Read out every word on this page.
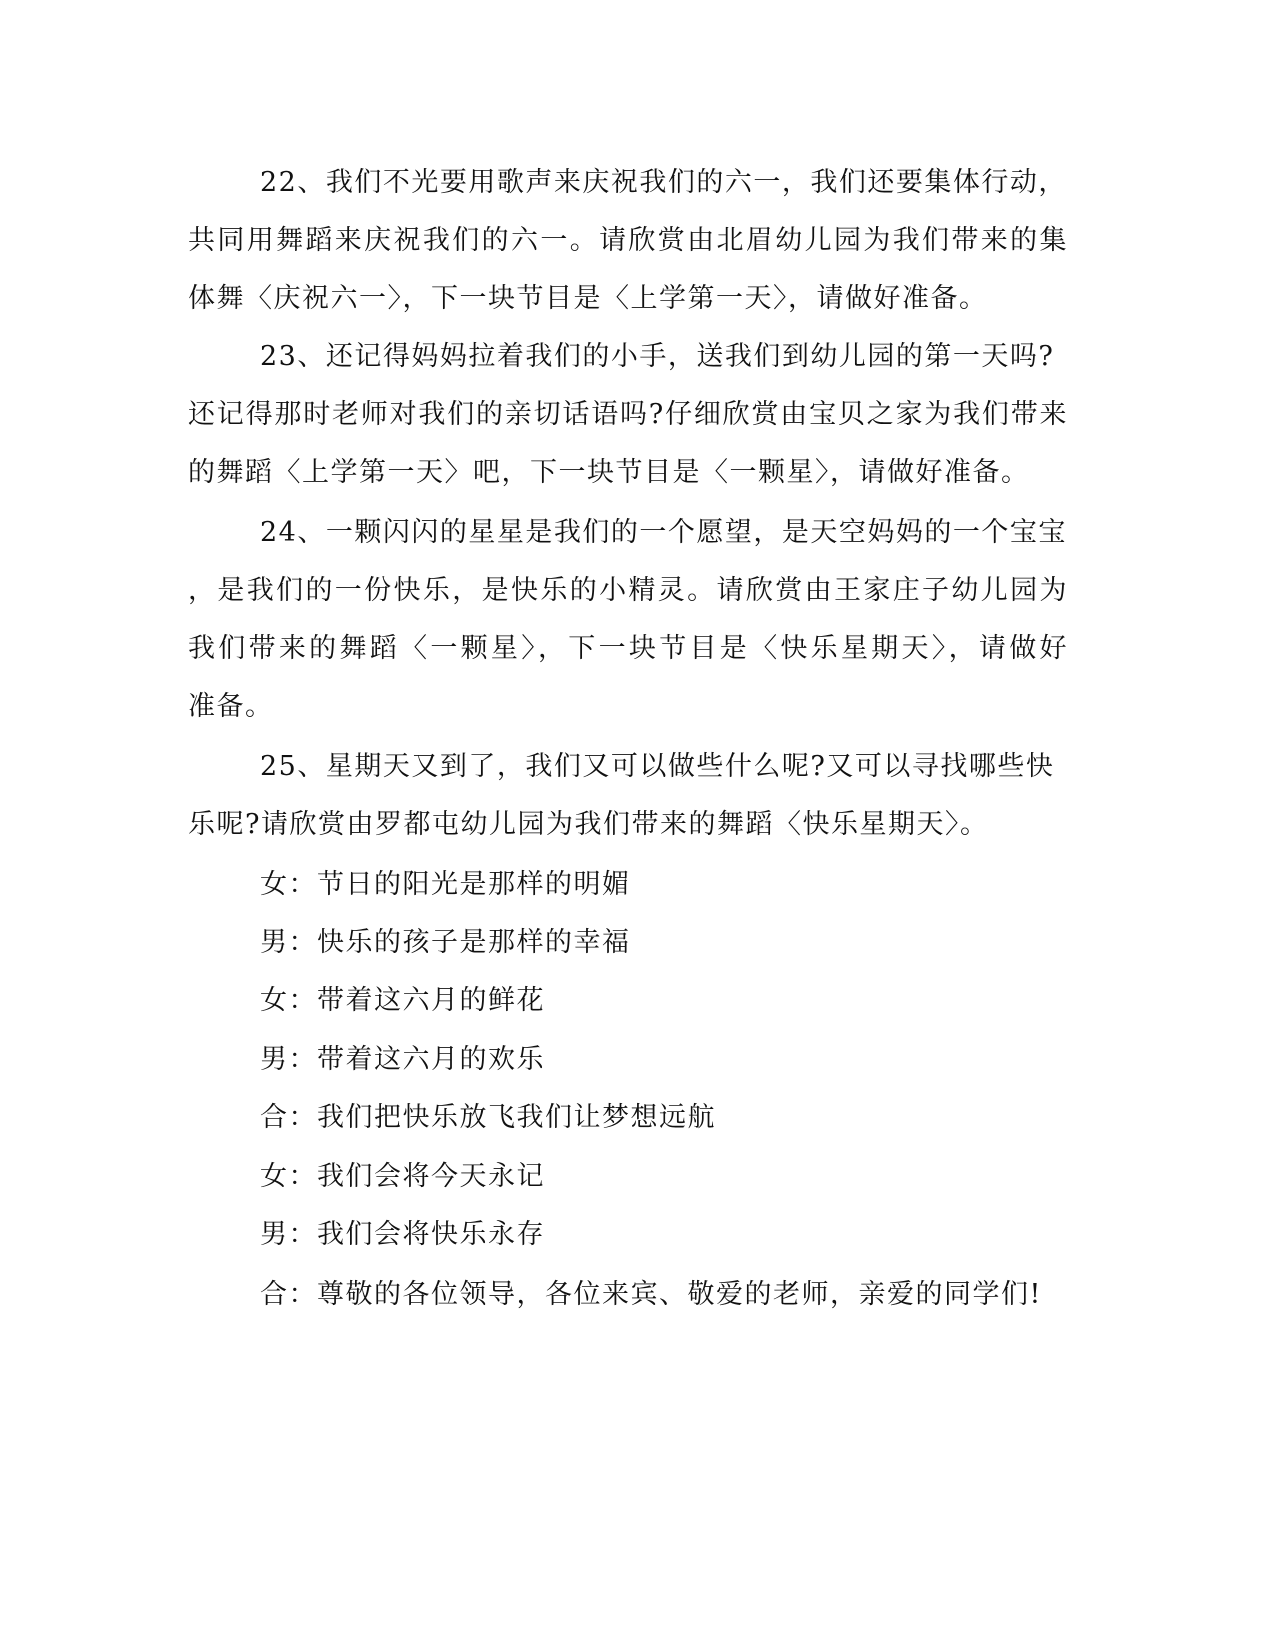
22、我们不光要用歌声来庆祝我们的六一，我们还要集体行动，
共同用舞蹈来庆祝我们的六一。请欣赏由北眉幼儿园为我们带来的集
体舞〈庆祝六一〉，下一块节目是〈上学第一天〉，请做好准备。
23、还记得妈妈拉着我们的小手，送我们到幼儿园的第一天吗?
还记得那时老师对我们的亲切话语吗?仔细欣赏由宝贝之家为我们带来
的舞蹈〈上学第一天〉吧，下一块节目是〈一颗星〉，请做好准备。
24、一颗闪闪的星星是我们的一个愿望，是天空妈妈的一个宝宝
，是我们的一份快乐，是快乐的小精灵。请欣赏由王家庄子幼儿园为
我们带来的舞蹈〈一颗星〉，下一块节目是〈快乐星期天〉，请做好
准备。
25、星期天又到了，我们又可以做些什么呢?又可以寻找哪些快
乐呢?请欣赏由罗都屯幼儿园为我们带来的舞蹈〈快乐星期天〉。
女：节日的阳光是那样的明媚
男：快乐的孩子是那样的幸福
女：带着这六月的鲜花
男：带着这六月的欢乐
合：我们把快乐放飞我们让梦想远航
女：我们会将今天永记
男：我们会将快乐永存
合：尊敬的各位领导，各位来宾、敬爱的老师，亲爱的同学们!
